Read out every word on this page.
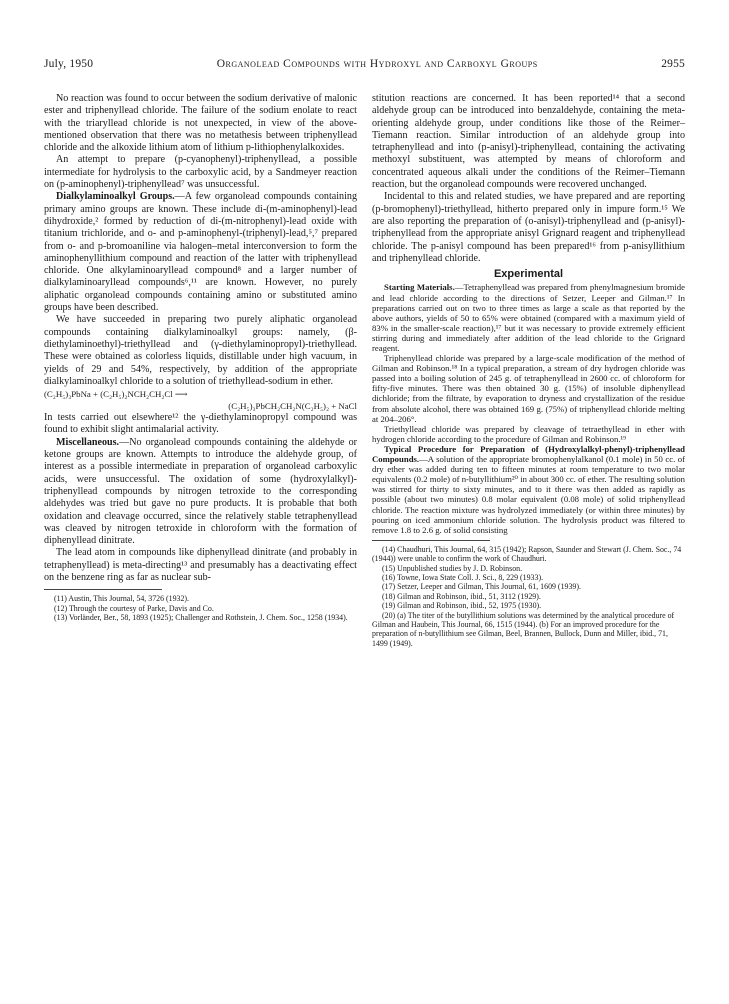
July, 1950	Organolead Compounds with Hydroxyl and Carboxyl Groups	2955

No reaction was found to occur between the sodium derivative of malonic ester and triphenyllead chloride. The failure of the sodium enolate to react with the triaryllead chloride is not unexpected, in view of the above-mentioned observation that there was no metathesis between triphenyllead chloride and the alkoxide lithium atom of lithium p-lithiophenylalkoxides.

An attempt to prepare (p-cyanophenyl)-triphenyllead, a possible intermediate for hydrolysis to the carboxylic acid, by a Sandmeyer reaction on (p-aminophenyl)-triphenyllead⁷ was unsuccessful.

Dialkylaminoalkyl Groups.—A few organolead compounds containing primary amino groups are known. These include di-(m-aminophenyl)-lead dihydroxide,² formed by reduction of di-(m-nitrophenyl)-lead oxide with titanium trichloride, and o- and p-aminophenyl-(triphenyl)-lead,⁵,⁷ prepared from o- and p-bromoaniline via halogen–metal interconversion to form the aminophenyllithium compound and reaction of the latter with triphenyllead chloride. One alkylaminoaryllead compound⁸ and a larger number of dialkylaminoaryllead compounds⁶,¹¹ are known. However, no purely aliphatic organolead compounds containing amino or substituted amino groups have been described.

We have succeeded in preparing two purely aliphatic organolead compounds containing dialkylaminoalkyl groups: namely, (β-diethylaminoethyl)-triethyllead and (γ-diethylaminopropyl)-triethyllead. These were obtained as colorless liquids, distillable under high vacuum, in yields of 29 and 54%, respectively, by addition of the appropriate dialkylaminoalkyl chloride to a solution of triethyllead-sodium in ether.

(C₂H₅)₃PbNa + (C₂H₅)₂NCH₂CH₂Cl ⟶
(C₂H₅)₃PbCH₂CH₂N(C₂H₅)₂ + NaCl

In tests carried out elsewhere¹² the γ-diethylaminopropyl compound was found to exhibit slight antimalarial activity.

Miscellaneous.—No organolead compounds containing the aldehyde or ketone groups are known. Attempts to introduce the aldehyde group, of interest as a possible intermediate in preparation of organolead carboxylic acids, were unsuccessful. The oxidation of some (hydroxylalkyl)-triphenyllead compounds by nitrogen tetroxide to the corresponding aldehydes was tried but gave no pure products. It is probable that both oxidation and cleavage occurred, since the relatively stable tetraphenyllead was cleaved by nitrogen tetroxide in chloroform with the formation of diphenyllead dinitrate.

The lead atom in compounds like diphenyllead dinitrate (and probably in tetraphenyllead) is meta-directing¹³ and presumably has a deactivating effect on the benzene ring as far as nuclear sub-

(11) Austin, This Journal, 54, 3726 (1932).

(12) Through the courtesy of Parke, Davis and Co.

(13) Vorländer, Ber., 58, 1893 (1925); Challenger and Rothstein, J. Chem. Soc., 1258 (1934).

stitution reactions are concerned. It has been reported¹⁴ that a second aldehyde group can be introduced into benzaldehyde, containing the meta-orienting aldehyde group, under conditions like those of the Reimer–Tiemann reaction. Similar introduction of an aldehyde group into tetraphenyllead and into (p-anisyl)-triphenyllead, containing the activating methoxyl substituent, was attempted by means of chloroform and concentrated aqueous alkali under the conditions of the Reimer–Tiemann reaction, but the organolead compounds were recovered unchanged.

Incidental to this and related studies, we have prepared and are reporting (p-bromophenyl)-triethyllead, hitherto prepared only in impure form.¹⁵ We are also reporting the preparation of (o-anisyl)-triphenyllead and (p-anisyl)-triphenyllead from the appropriate anisyl Grignard reagent and triphenyllead chloride. The p-anisyl compound has been prepared¹⁶ from p-anisyllithium and triphenyllead chloride.

Experimental

Starting Materials.—Tetraphenyllead was prepared from phenylmagnesium bromide and lead chloride according to the directions of Setzer, Leeper and Gilman.¹⁷ In preparations carried out on two to three times as large a scale as that reported by the above authors, yields of 50 to 65% were obtained (compared with a maximum yield of 83% in the smaller-scale reaction),¹⁷ but it was necessary to provide extremely efficient stirring during and immediately after addition of the lead chloride to the Grignard reagent.

Triphenyllead chloride was prepared by a large-scale modification of the method of Gilman and Robinson.¹⁸ In a typical preparation, a stream of dry hydrogen chloride was passed into a boiling solution of 245 g. of tetraphenyllead in 2600 cc. of chloroform for fifty-five minutes. There was then obtained 30 g. (15%) of insoluble diphenyllead dichloride; from the filtrate, by evaporation to dryness and crystallization of the residue from absolute alcohol, there was obtained 169 g. (75%) of triphenyllead chloride melting at 204–206°.

Triethyllead chloride was prepared by cleavage of tetraethyllead in ether with hydrogen chloride according to the procedure of Gilman and Robinson.¹⁹

Typical Procedure for Preparation of (Hydroxylalkyl-phenyl)-triphenyllead Compounds.—A solution of the appropriate bromophenylalkanol (0.1 mole) in 50 cc. of dry ether was added during ten to fifteen minutes at room temperature to two molar equivalents (0.2 mole) of n-butyllithium²⁰ in about 300 cc. of ether. The resulting solution was stirred for thirty to sixty minutes, and to it there was then added as rapidly as possible (about two minutes) 0.8 molar equivalent (0.08 mole) of solid triphenyllead chloride. The reaction mixture was hydrolyzed immediately (or within three minutes) by pouring on iced ammonium chloride solution. The hydrolysis product was filtered to remove 1.8 to 2.6 g. of solid consisting

(14) Chaudhuri, This Journal, 64, 315 (1942); Rapson, Saunder and Stewart (J. Chem. Soc., 74 (1944)) were unable to confirm the work of Chaudhuri.

(15) Unpublished studies by J. D. Robinson.

(16) Towne, Iowa State Coll. J. Sci., 8, 229 (1933).

(17) Setzer, Leeper and Gilman, This Journal, 61, 1609 (1939).

(18) Gilman and Robinson, ibid., 51, 3112 (1929).

(19) Gilman and Robinson, ibid., 52, 1975 (1930).

(20) (a) The titer of the butyllithium solutions was determined by the analytical procedure of Gilman and Haubein, This Journal, 66, 1515 (1944). (b) For an improved procedure for the preparation of n-butyllithium see Gilman, Beel, Brannen, Bullock, Dunn and Miller, ibid., 71, 1499 (1949).
